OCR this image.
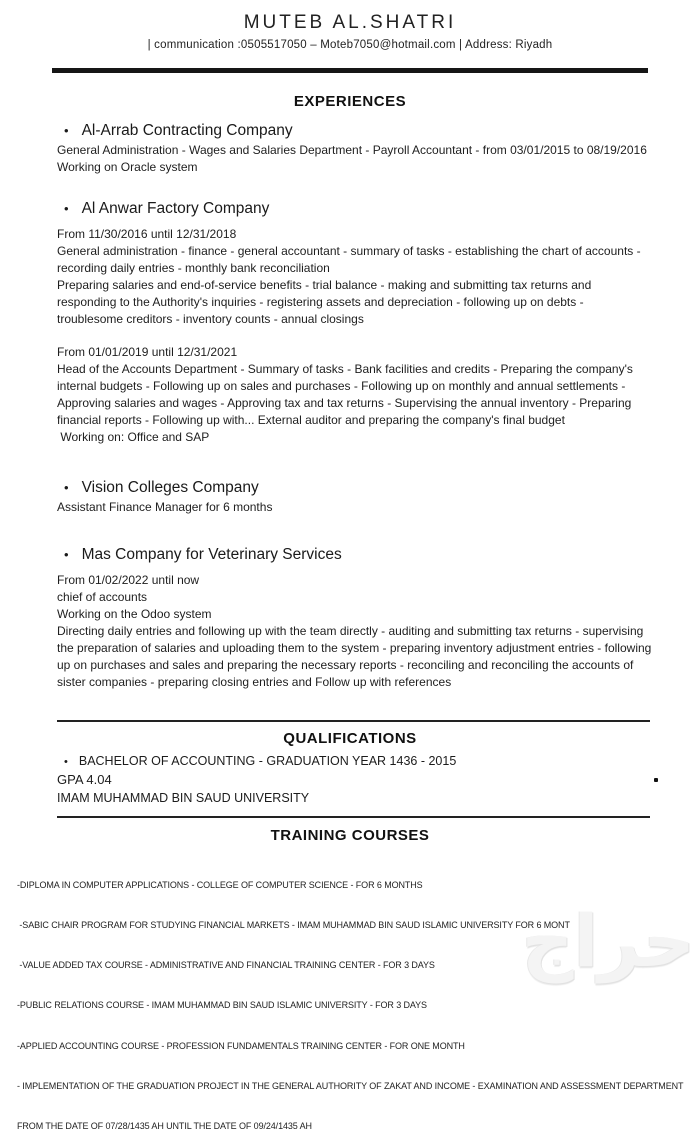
MUTEB AL.SHATRI
| communication :0505517050 – Moteb7050@hotmail.com | Address: Riyadh
EXPERIENCES
•
Al-Arrab Contracting Company
General Administration - Wages and Salaries Department - Payroll Accountant - from 03/01/2015 to 08/19/2016
Working on Oracle system
•
Al Anwar Factory Company
From 11/30/2016 until 12/31/2018
General administration - finance - general accountant - summary of tasks - establishing the chart of accounts - recording daily entries - monthly bank reconciliation
Preparing salaries and end-of-service benefits - trial balance - making and submitting tax returns and responding to the Authority's inquiries - registering assets and depreciation - following up on debts - troublesome creditors - inventory counts - annual closings
From 01/01/2019 until 12/31/2021
Head of the Accounts Department - Summary of tasks - Bank facilities and credits - Preparing the company's internal budgets - Following up on sales and purchases - Following up on monthly and annual settlements - Approving salaries and wages - Approving tax and tax returns - Supervising the annual inventory - Preparing financial reports - Following up with... External auditor and preparing the company's final budget
Working on: Office and SAP
•
Vision Colleges Company
Assistant Finance Manager for 6 months
•
Mas Company for Veterinary Services
From 01/02/2022 until now
chief of accounts
Working on the Odoo system
Directing daily entries and following up with the team directly - auditing and submitting tax returns - supervising the preparation of salaries and uploading them to the system - preparing inventory adjustment entries - following up on purchases and sales and preparing the necessary reports - reconciling and reconciling the accounts of sister companies - preparing closing entries and Follow up with references
QUALIFICATIONS
•
BACHELOR OF ACCOUNTING - GRADUATION YEAR 1436 - 2015
GPA 4.04
IMAM MUHAMMAD BIN SAUD UNIVERSITY
TRAINING COURSES

-DIPLOMA IN COMPUTER APPLICATIONS - COLLEGE OF COMPUTER SCIENCE - FOR 6 MONTHS

-SABIC CHAIR PROGRAM FOR STUDYING FINANCIAL MARKETS - IMAM MUHAMMAD BIN SAUD ISLAMIC UNIVERSITY FOR 6 MONT

-VALUE ADDED TAX COURSE - ADMINISTRATIVE AND FINANCIAL TRAINING CENTER - FOR 3 DAYS

-PUBLIC RELATIONS COURSE - IMAM MUHAMMAD BIN SAUD ISLAMIC UNIVERSITY - FOR 3 DAYS

-APPLIED ACCOUNTING COURSE - PROFESSION FUNDAMENTALS TRAINING CENTER - FOR ONE MONTH

- IMPLEMENTATION OF THE GRADUATION PROJECT IN THE GENERAL AUTHORITY OF ZAKAT AND INCOME - EXAMINATION AND ASSESSMENT DEPARTMENT

FROM THE DATE OF 07/28/1435 AH UNTIL THE DATE OF 09/24/1435 AH

حراج
